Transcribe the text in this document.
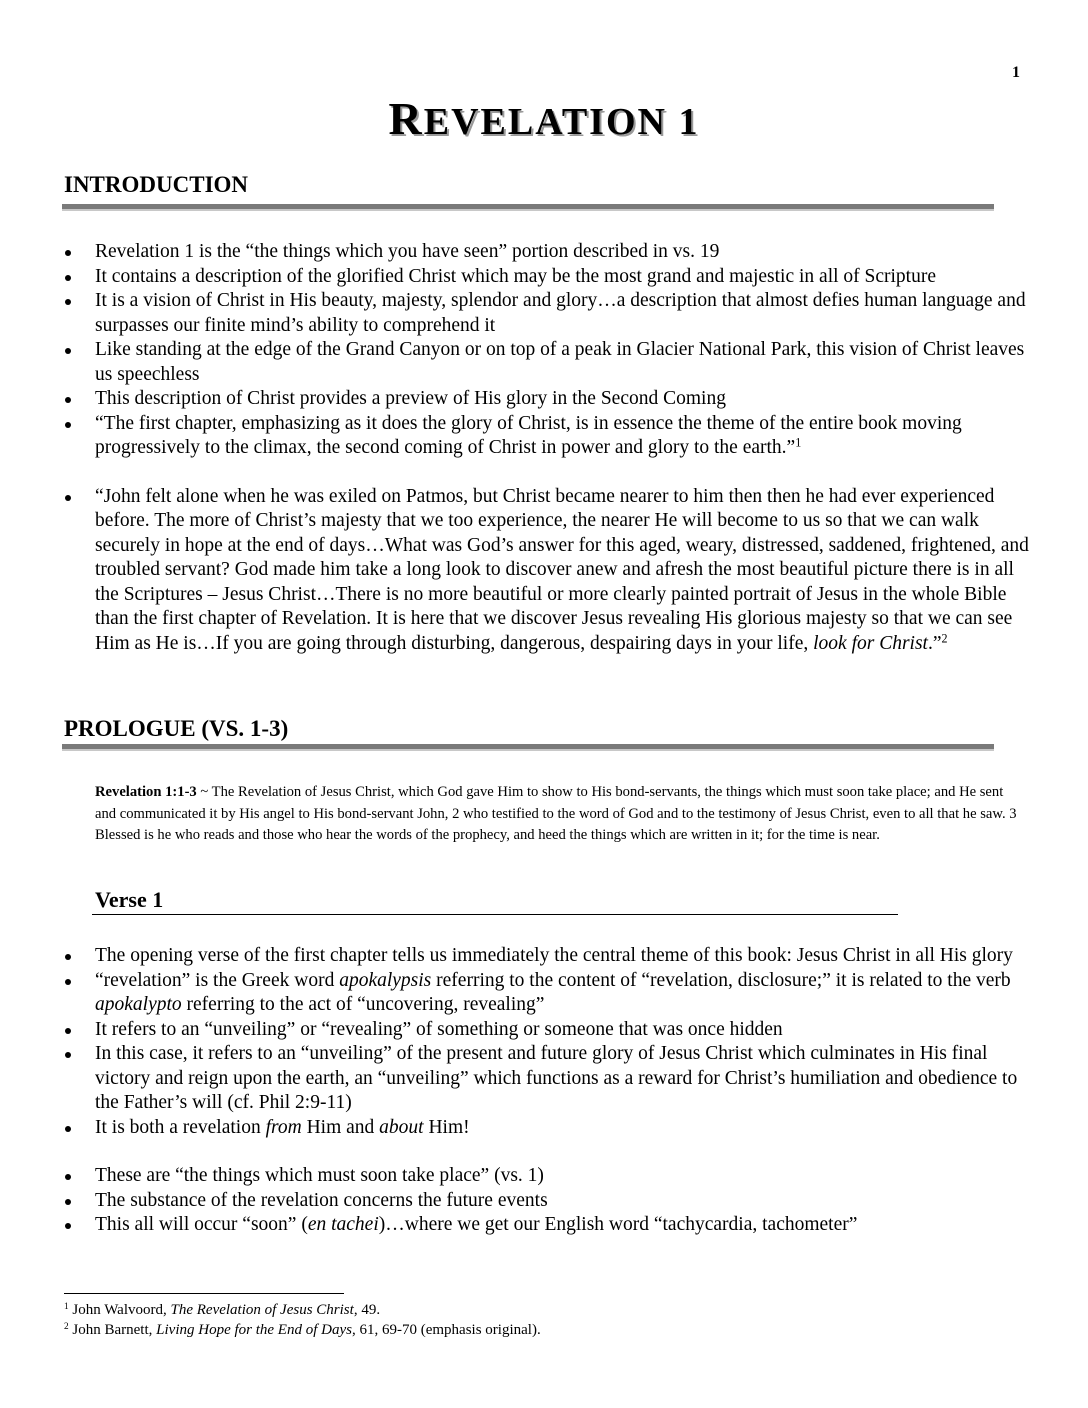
1
REVELATION 1
INTRODUCTION
Revelation 1 is the “the things which you have seen” portion described in vs. 19
It contains a description of the glorified Christ which may be the most grand and majestic in all of Scripture
It is a vision of Christ in His beauty, majesty, splendor and glory…a description that almost defies human language and surpasses our finite mind’s ability to comprehend it
Like standing at the edge of the Grand Canyon or on top of a peak in Glacier National Park, this vision of Christ leaves us speechless
This description of Christ provides a preview of His glory in the Second Coming
“The first chapter, emphasizing as it does the glory of Christ, is in essence the theme of the entire book moving progressively to the climax, the second coming of Christ in power and glory to the earth.”$^1$
“John felt alone when he was exiled on Patmos, but Christ became nearer to him then then he had ever experienced before. The more of Christ’s majesty that we too experience, the nearer He will become to us so that we can walk securely in hope at the end of days…What was God’s answer for this aged, weary, distressed, saddened, frightened, and troubled servant? God made him take a long look to discover anew and afresh the most beautiful picture there is in all the Scriptures – Jesus Christ…There is no more beautiful or more clearly painted portrait of Jesus in the whole Bible than the first chapter of Revelation. It is here that we discover Jesus revealing His glorious majesty so that we can see Him as He is…If you are going through disturbing, dangerous, despairing days in your life, look for Christ.”$^2$
PROLOGUE (VS. 1-3)
Revelation 1:1-3 ~ The Revelation of Jesus Christ, which God gave Him to show to His bond-servants, the things which must soon take place; and He sent and communicated it by His angel to His bond-servant John, 2 who testified to the word of God and to the testimony of Jesus Christ, even to all that he saw. 3 Blessed is he who reads and those who hear the words of the prophecy, and heed the things which are written in it; for the time is near.
Verse 1
The opening verse of the first chapter tells us immediately the central theme of this book: Jesus Christ in all His glory
“revelation” is the Greek word apokalypsis referring to the content of “revelation, disclosure;” it is related to the verb apokalypto referring to the act of “uncovering, revealing”
It refers to an “unveiling” or “revealing” of something or someone that was once hidden
In this case, it refers to an “unveiling” of the present and future glory of Jesus Christ which culminates in His final victory and reign upon the earth, an “unveiling” which functions as a reward for Christ’s humiliation and obedience to the Father’s will (cf. Phil 2:9-11)
It is both a revelation from Him and about Him!
These are “the things which must soon take place” (vs. 1)
The substance of the revelation concerns the future events
This all will occur “soon” (en tachei)…where we get our English word “tachycardia, tachometer”
$^1$ John Walvoord, The Revelation of Jesus Christ, 49.
$^2$ John Barnett, Living Hope for the End of Days, 61, 69-70 (emphasis original).
